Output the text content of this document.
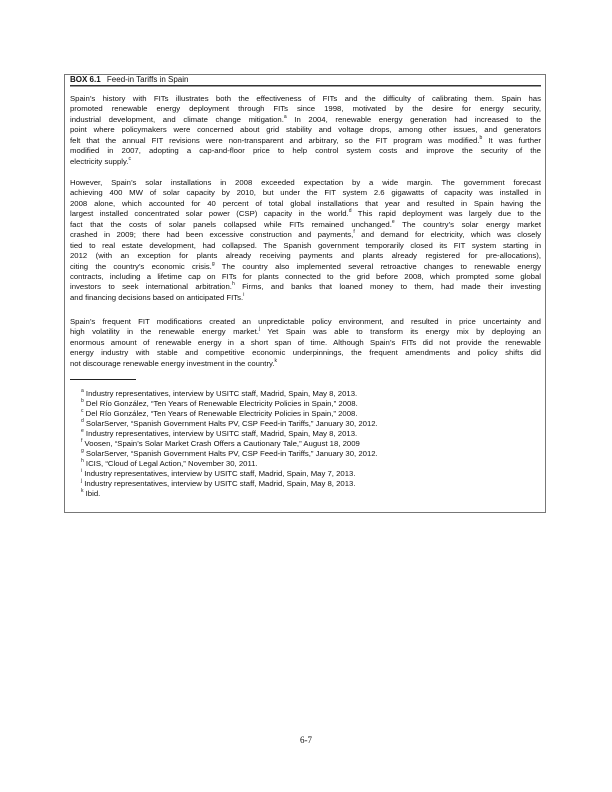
BOX 6.1 Feed-in Tariffs in Spain
Spain’s history with FITs illustrates both the effectiveness of FITs and the difficulty of calibrating them. Spain has
promoted renewable energy deployment through FITs since 1998, motivated by the desire for energy security,
industrial development, and climate change mitigation.$^a$ In 2004, renewable energy generation had increased to the
point where policymakers were concerned about grid stability and voltage drops, among other issues, and generators
felt that the annual FIT revisions were non-transparent and arbitrary, so the FIT program was modified.$^b$ It was further
modified in 2007, adopting a cap-and-floor price to help control system costs and improve the security of the
electricity supply.$^c$
However, Spain’s solar installations in 2008 exceeded expectation by a wide margin. The government forecast
achieving 400 MW of solar capacity by 2010, but under the FIT system 2.6 gigawatts of capacity was installed in
2008 alone, which accounted for 40 percent of total global installations that year and resulted in Spain having the
largest installed concentrated solar power (CSP) capacity in the world.$^d$ This rapid deployment was largely due to the
fact that the costs of solar panels collapsed while FITs remained unchanged.$^e$ The country’s solar energy market
crashed in 2009; there had been excessive construction and payments,$^f$ and demand for electricity, which was closely
tied to real estate development, had collapsed. The Spanish government temporarily closed its FIT system starting in
2012 (with an exception for plants already receiving payments and plants already registered for pre-allocations),
citing the country’s economic crisis.$^g$ The country also implemented several retroactive changes to renewable energy
contracts, including a lifetime cap on FITs for plants connected to the grid before 2008, which prompted some global
investors to seek international arbitration.$^h$ Firms, and banks that loaned money to them, had made their investing
and financing decisions based on anticipated FITs.$^i$
Spain’s frequent FIT modifications created an unpredictable policy environment, and resulted in price uncertainty and
high volatility in the renewable energy market.$^j$ Yet Spain was able to transform its energy mix by deploying an
enormous amount of renewable energy in a short span of time. Although Spain’s FITs did not provide the renewable
energy industry with stable and competitive economic underpinnings, the frequent amendments and policy shifts did
not discourage renewable energy investment in the country.$^k$
$^a$ Industry representatives, interview by USITC staff, Madrid, Spain, May 8, 2013.
$^b$ Del Río González, “Ten Years of Renewable Electricity Policies in Spain,” 2008.
$^c$ Del Río González, “Ten Years of Renewable Electricity Policies in Spain,” 2008.
$^d$ SolarServer, “Spanish Government Halts PV, CSP Feed-in Tariffs,” January 30, 2012.
$^e$ Industry representatives, interview by USITC staff, Madrid, Spain, May 8, 2013.
$^f$ Voosen, “Spain’s Solar Market Crash Offers a Cautionary Tale,” August 18, 2009
$^g$ SolarServer, “Spanish Government Halts PV, CSP Feed-in Tariffs,” January 30, 2012.
$^h$ ICIS, “Cloud of Legal Action,” November 30, 2011.
$^i$ Industry representatives, interview by USITC staff, Madrid, Spain, May 7, 2013.
$^j$ Industry representatives, interview by USITC staff, Madrid, Spain, May 8, 2013.
$^k$ Ibid.
6-7
